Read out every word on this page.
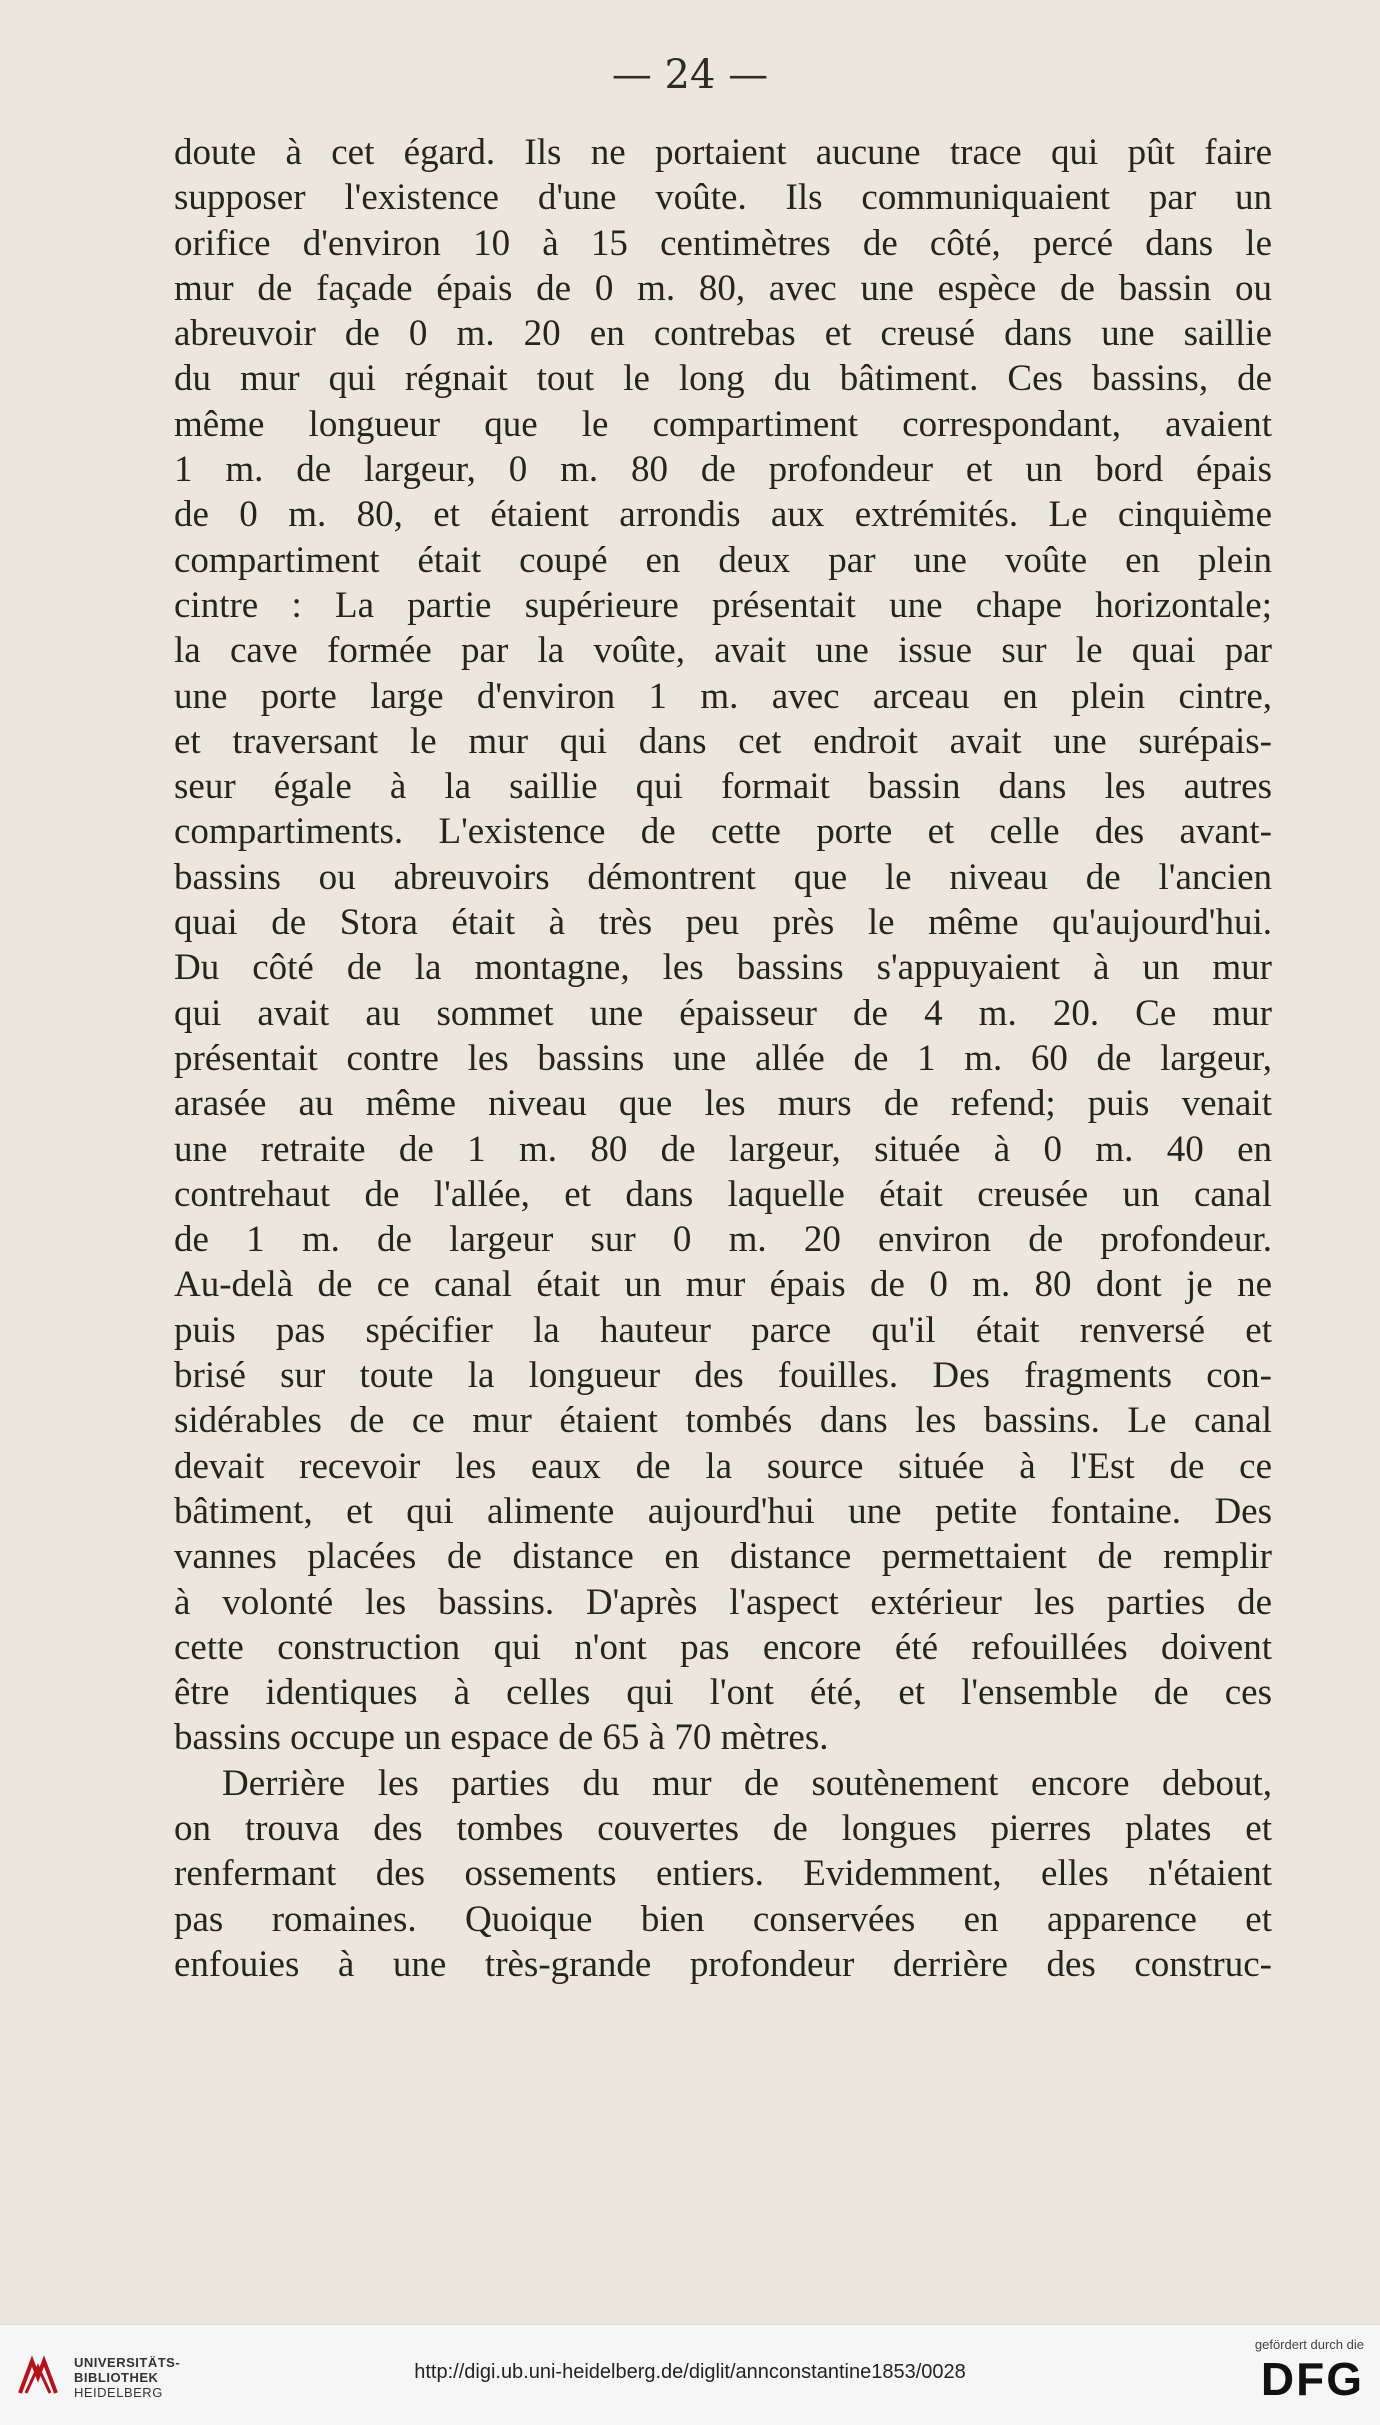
— 24 —
doute à cet égard. Ils ne portaient aucune trace qui pût faire
supposer l'existence d'une voûte. Ils communiquaient par un
orifice d'environ 10 à 15 centimètres de côté, percé dans le
mur de façade épais de 0 m. 80, avec une espèce de bassin ou
abreuvoir de 0 m. 20 en contrebas et creusé dans une saillie
du mur qui régnait tout le long du bâtiment. Ces bassins, de
même longueur que le compartiment correspondant, avaient
1 m. de largeur, 0 m. 80 de profondeur et un bord épais
de 0 m. 80, et étaient arrondis aux extrémités. Le cinquième
compartiment était coupé en deux par une voûte en plein
cintre : La partie supérieure présentait une chape horizontale;
la cave formée par la voûte, avait une issue sur le quai par
une porte large d'environ 1 m. avec arceau en plein cintre,
et traversant le mur qui dans cet endroit avait une surépais-
seur égale à la saillie qui formait bassin dans les autres
compartiments. L'existence de cette porte et celle des avant-
bassins ou abreuvoirs démontrent que le niveau de l'ancien
quai de Stora était à très peu près le même qu'aujourd'hui.
Du côté de la montagne, les bassins s'appuyaient à un mur
qui avait au sommet une épaisseur de 4 m. 20. Ce mur
présentait contre les bassins une allée de 1 m. 60 de largeur,
arasée au même niveau que les murs de refend; puis venait
une retraite de 1 m. 80 de largeur, située à 0 m. 40 en
contrehaut de l'allée, et dans laquelle était creusée un canal
de 1 m. de largeur sur 0 m. 20 environ de profondeur.
Au-delà de ce canal était un mur épais de 0 m. 80 dont je ne
puis pas spécifier la hauteur parce qu'il était renversé et
brisé sur toute la longueur des fouilles. Des fragments con-
sidérables de ce mur étaient tombés dans les bassins. Le canal
devait recevoir les eaux de la source située à l'Est de ce
bâtiment, et qui alimente aujourd'hui une petite fontaine. Des
vannes placées de distance en distance permettaient de remplir
à volonté les bassins. D'après l'aspect extérieur les parties de
cette construction qui n'ont pas encore été refouillées doivent
être identiques à celles qui l'ont été, et l'ensemble de ces
bassins occupe un espace de 65 à 70 mètres.
Derrière les parties du mur de soutènement encore debout,
on trouva des tombes couvertes de longues pierres plates et
renfermant des ossements entiers. Evidemment, elles n'étaient
pas romaines. Quoique bien conservées en apparence et
enfouies à une très-grande profondeur derrière des construc-
UNIVERSITÄTS-
BIBLIOTHEK
HEIDELBERG
http://digi.ub.uni-heidelberg.de/diglit/annconstantine1853/0028
gefördert durch die
DFG
